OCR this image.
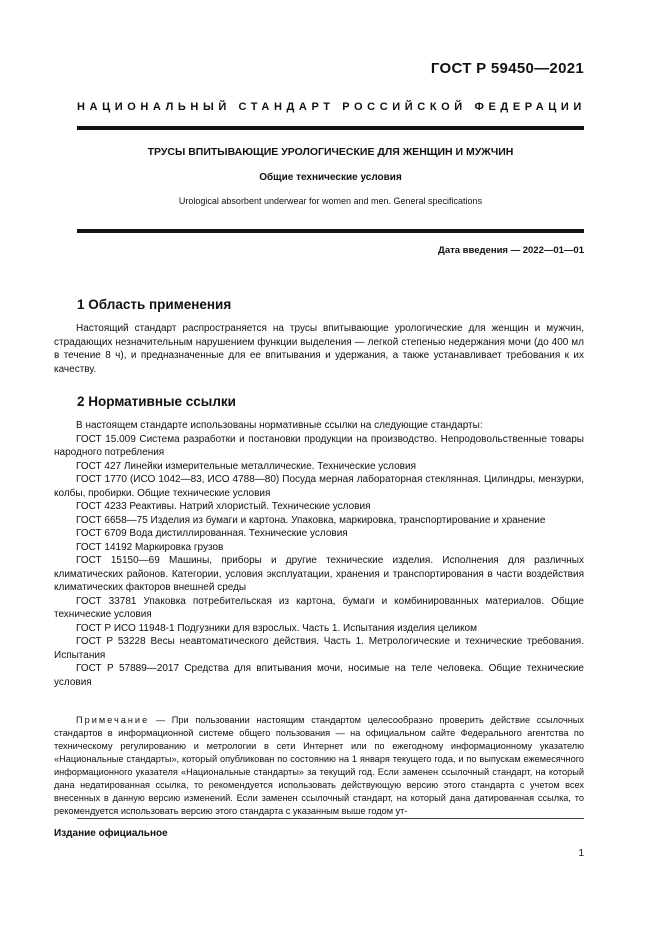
ГОСТ Р 59450—2021
НАЦИОНАЛЬНЫЙ СТАНДАРТ РОССИЙСКОЙ ФЕДЕРАЦИИ
ТРУСЫ ВПИТЫВАЮЩИЕ УРОЛОГИЧЕСКИЕ ДЛЯ ЖЕНЩИН И МУЖЧИН
Общие технические условия
Urological absorbent underwear for women and men. General specifications
Дата введения — 2022—01—01
1 Область применения

Настоящий стандарт распространяется на трусы впитывающие урологические для женщин и мужчин, страдающих незначительным нарушением функции выделения — легкой степенью недержания мочи (до 400 мл в течение 8 ч), и предназначенные для ее впитывания и удержания, а также устанавливает требования к их качеству.

2 Нормативные ссылки

В настоящем стандарте использованы нормативные ссылки на следующие стандарты:

ГОСТ 15.009 Система разработки и постановки продукции на производство. Непродовольственные товары народного потребления

ГОСТ 427 Линейки измерительные металлические. Технические условия

ГОСТ 1770 (ИСО 1042—83, ИСО 4788—80) Посуда мерная лабораторная стеклянная. Цилиндры, мензурки, колбы, пробирки. Общие технические условия

ГОСТ 4233 Реактивы. Натрий хлористый. Технические условия

ГОСТ 6658—75 Изделия из бумаги и картона. Упаковка, маркировка, транспортирование и хранение

ГОСТ 6709 Вода дистиллированная. Технические условия

ГОСТ 14192 Маркировка грузов

ГОСТ 15150—69 Машины, приборы и другие технические изделия. Исполнения для различных климатических районов. Категории, условия эксплуатации, хранения и транспортирования в части воздействия климатических факторов внешней среды

ГОСТ 33781 Упаковка потребительская из картона, бумаги и комбинированных материалов. Общие технические условия

ГОСТ Р ИСО 11948-1 Подгузники для взрослых. Часть 1. Испытания изделия целиком

ГОСТ Р 53228 Весы неавтоматического действия. Часть 1. Метрологические и технические требования. Испытания

ГОСТ Р 57889—2017 Средства для впитывания мочи, носимые на теле человека. Общие технические условия

Примечание — При пользовании настоящим стандартом целесообразно проверить действие ссылочных стандартов в информационной системе общего пользования — на официальном сайте Федерального агентства по техническому регулированию и метрологии в сети Интернет или по ежегодному информационному указателю «Национальные стандарты», который опубликован по состоянию на 1 января текущего года, и по выпускам ежемесячного информационного указателя «Национальные стандарты» за текущий год. Если заменен ссылочный стандарт, на который дана недатированная ссылка, то рекомендуется использовать действующую версию этого стандарта с учетом всех внесенных в данную версию изменений. Если заменен ссылочный стандарт, на который дана датированная ссылка, то рекомендуется использовать версию этого стандарта с указанным выше годом ут-

Издание официальное
1
